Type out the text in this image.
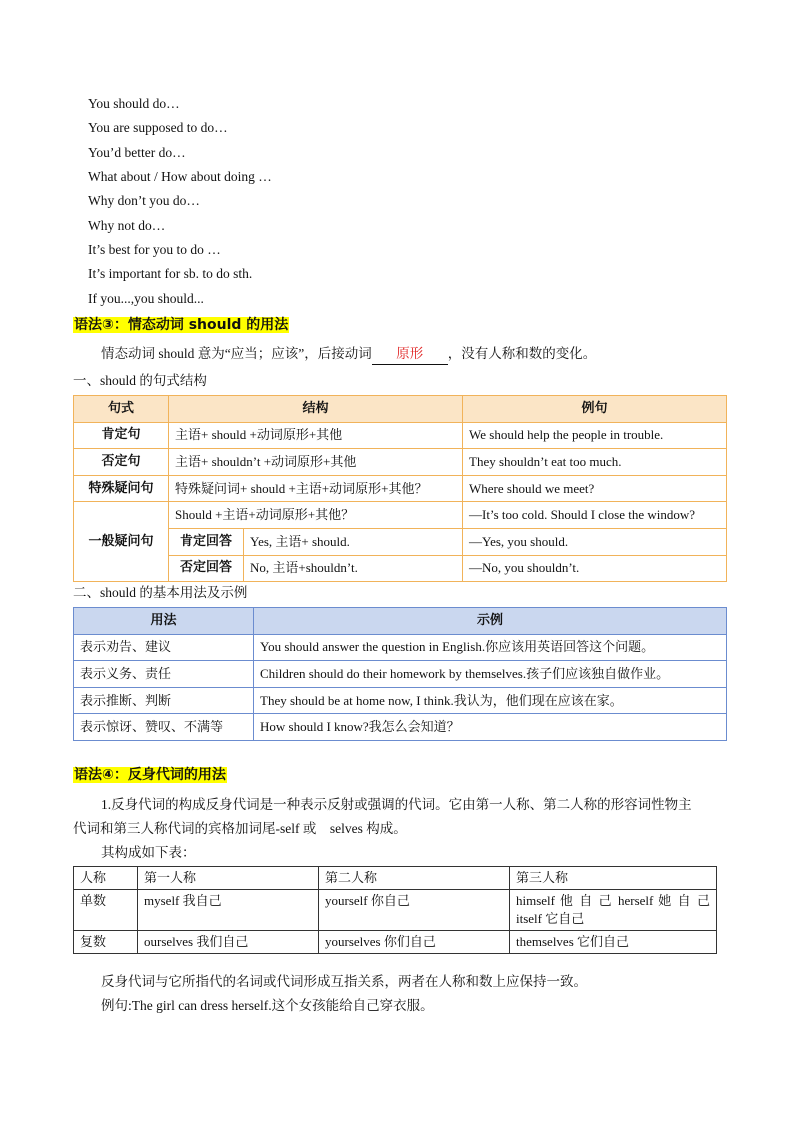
You should do…
You are supposed to do…
You’d better do…
What about / How about doing …
Why don’t you do…
Why not do…
It’s best for you to do …
It’s important for sb. to do sth.
If you...,you should...
语法③：情态动词 should 的用法
情态动词 should 意为“应当；应该”，后接动词 原形 ，没有人称和数的变化。
一、should 的句式结构
句式	结构		例句
肯定句	主语+ should +动词原形+其他		We should help the people in trouble.
否定句	主语+ shouldn’t +动词原形+其他		They shouldn’t eat too much.
特殊疑问句	特殊疑问词+ should +主语+动词原形+其他？		Where should we meet?
一般疑问句	Should +主语+动词原形+其他？		—It’s too cold. Should I close the window?
	肯定回答	Yes, 主语+ should.	—Yes, you should.
	否定回答	No, 主语+shouldn’t.	—No, you shouldn’t.
二、should 的基本用法及示例
用法	示例
表示劝告、建议	You should answer the question in English.你应该用英语回答这个问题。
表示义务、责任	Children should do their homework by themselves.孩子们应该独自做作业。
表示推断、判断	They should be at home now, I think.我认为，他们现在应该在家。
表示惊讶、赞叹、不满等	How should I know?我怎么会知道？
语法④：反身代词的用法
1.反身代词的构成反身代词是一种表示反射或强调的代词。它由第一人称、第二人称的形容词性物主
代词和第三人称代词的宾格加词尾-self 或　selves 构成。
其构成如下表：
人称	第一人称	第二人称	第三人称
单数	myself 我自己	yourself 你自己	himself 他 自 己 herself 她 自 己
itself 它自己

复数	ourselves 我们自己	yourselves 你们自己	themselves 它们自己
反身代词与它所指代的名词或代词形成互指关系，两者在人称和数上应保持一致。
例句:The girl can dress herself.这个女孩能给自己穿衣服。
